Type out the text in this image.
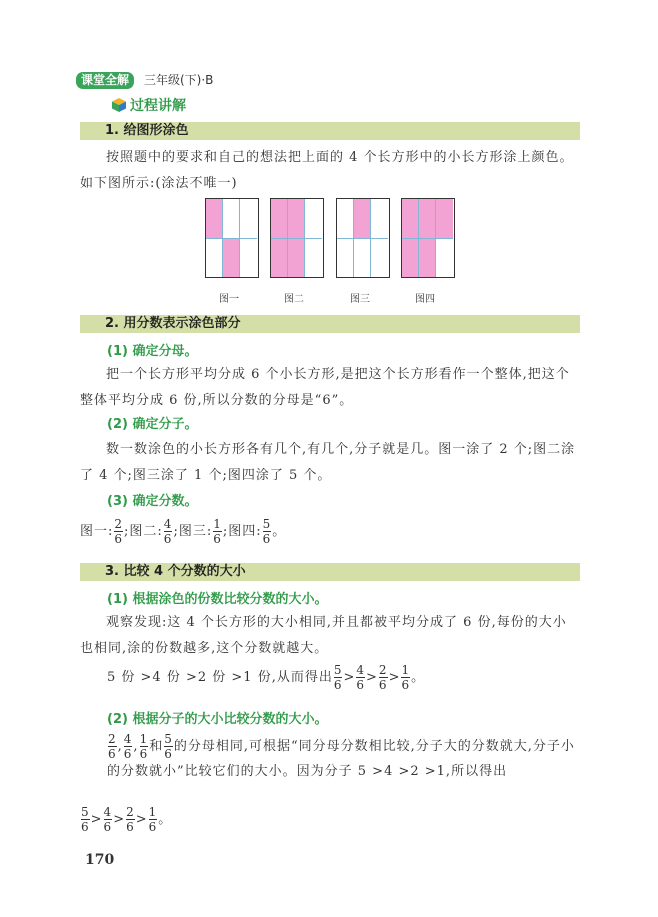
课堂全解	三年级(下)·B
过程讲解
1. 给图形涂色
按照题中的要求和自己的想法把上面的 4 个长方形中的小长方形涂上颜色。如下图所示:(涂法不唯一)
图一	图二	图三	图四
2. 用分数表示涂色部分
(1) 确定分母。
把一个长方形平均分成 6 个小长方形,是把这个长方形看作一个整体,把这个整体平均分成 6 份,所以分数的分母是“6”。
(2) 确定分子。
数一数涂色的小长方形各有几个,有几个,分子就是几。图一涂了 2 个;图二涂了 4 个;图三涂了 1 个;图四涂了 5 个。
(3) 确定分数。
图一$:\frac{2}{6}$;图二$:\frac{4}{6}$;图三$:\frac{1}{6}$;图四$:\frac{5}{6}$。
3. 比较 4 个分数的大小
(1) 根据涂色的份数比较分数的大小。
观察发现:这 4 个长方形的大小相同,并且都被平均分成了 6 份,每份的大小也相同,涂的份数越多,这个分数就越大。
5 份 >4 份 >2 份 >1 份,从而得出$\frac{5}{6}>\frac{4}{6}>\frac{2}{6}>\frac{1}{6}$。
(2) 根据分子的大小比较分数的大小。
$\frac{2}{6},\frac{4}{6},\frac{1}{6}$和$\frac{5}{6}$的分母相同,可根据“同分母分数相比较,分子大的分数就大,分子小的分数就小”比较它们的大小。因为分子 5 >4 >2 >1,所以得出
$\frac{5}{6}>\frac{4}{6}>\frac{2}{6}>\frac{1}{6}$。
170
